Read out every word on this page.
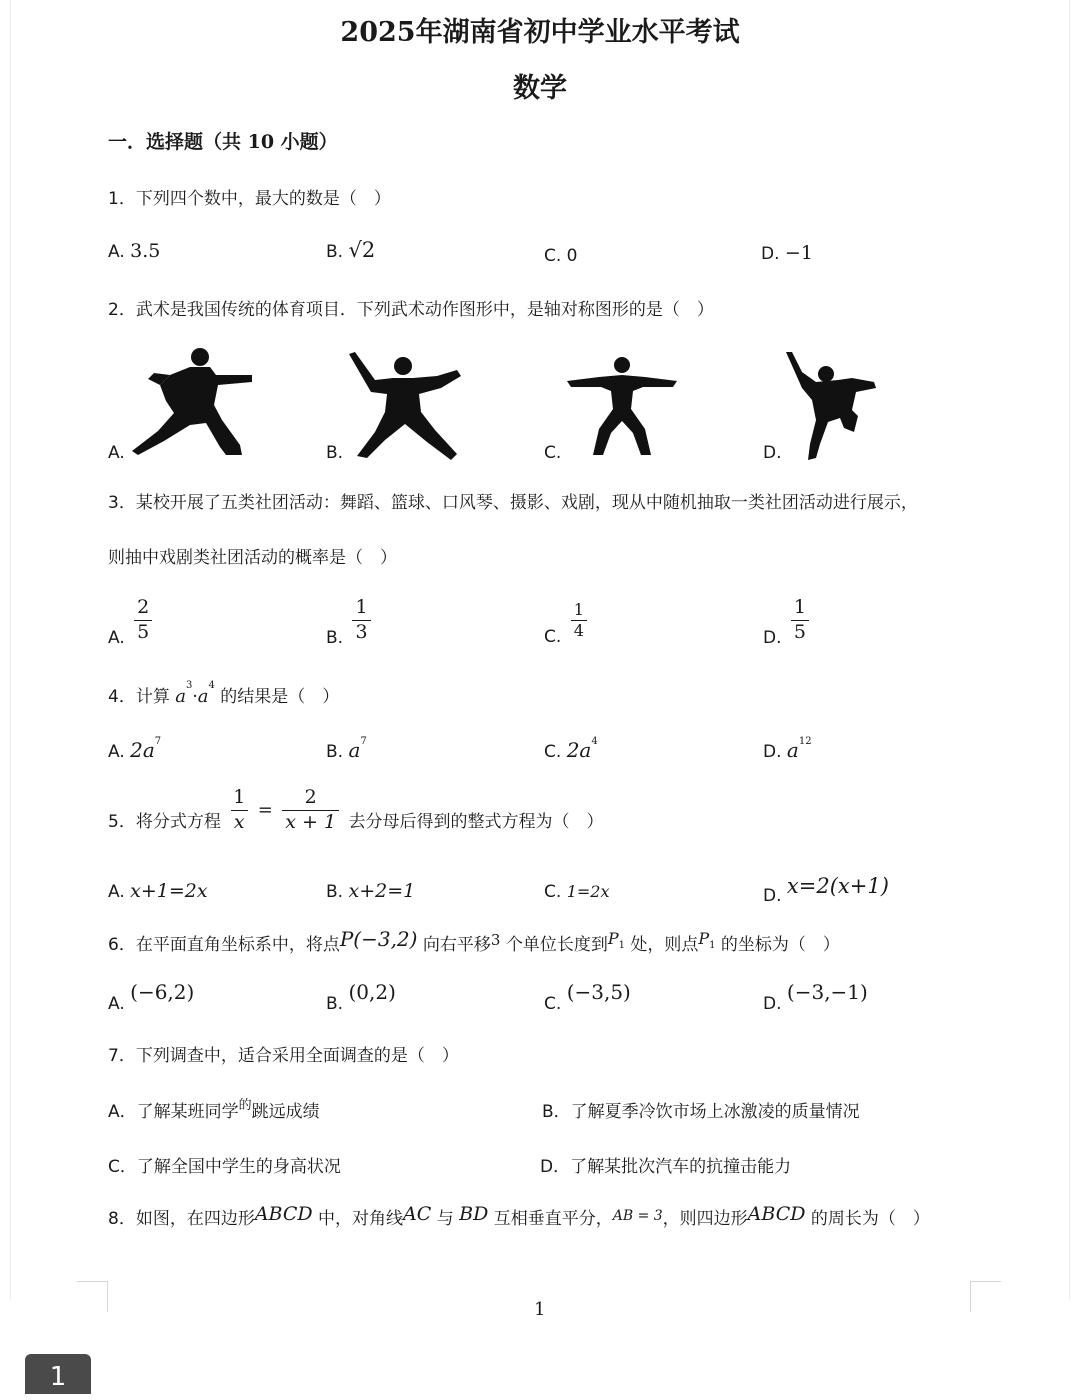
2025年湖南省初中学业水平考试
数学
一．选择题（共 10 小题）
1．下列四个数中，最大的数是（　）
A. 3.5	B. √2	C. 0	D. −1
2．武术是我国传统的体育项目．下列武术动作图形中，是轴对称图形的是（　）
A.	B.	C.	D.
3．某校开展了五类社团活动：舞蹈、篮球、口风琴、摄影、戏剧，现从中随机抽取一类社团活动进行展示，
则抽中戏剧类社团活动的概率是（　）
A. $\frac{2}{5}$	B. $\frac{1}{3}$	C. $\frac{1}{4}$	D. $\frac{1}{5}$
4．计算 $a^3\cdot a^4$ 的结果是（　）
A. $2a^7$
B. $a^7$
C. $2a^4$
D. $a^{12}$
5．将分式方程 $\frac{1}{x} = \frac{2}{x + 1}$ 去分母后得到的整式方程为（　）
A. x+1=2x	B. x+2=1	C. 1=2x	D. x=2(x+1)
6．在平面直角坐标系中，将点P(−3,2) 向右平移3 个单位长度到P1 处，则点P1 的坐标为（　）
A. (−6,2)	B. (0,2)	C. (−3,5)	D. (−3,−1)
7．下列调查中，适合采用全面调查的是（　）
A．了解某班同学$^的$跳远成绩	B．了解夏季冷饮市场上冰激凌的质量情况
C．了解全国中学生的身高状况	D．了解某批次汽车的抗撞击能力
8．如图，在四边形ABCD 中，对角线AC 与 BD 互相垂直平分，$^{AB = 3}$，则四边形ABCD 的周长为（　）
1
1
